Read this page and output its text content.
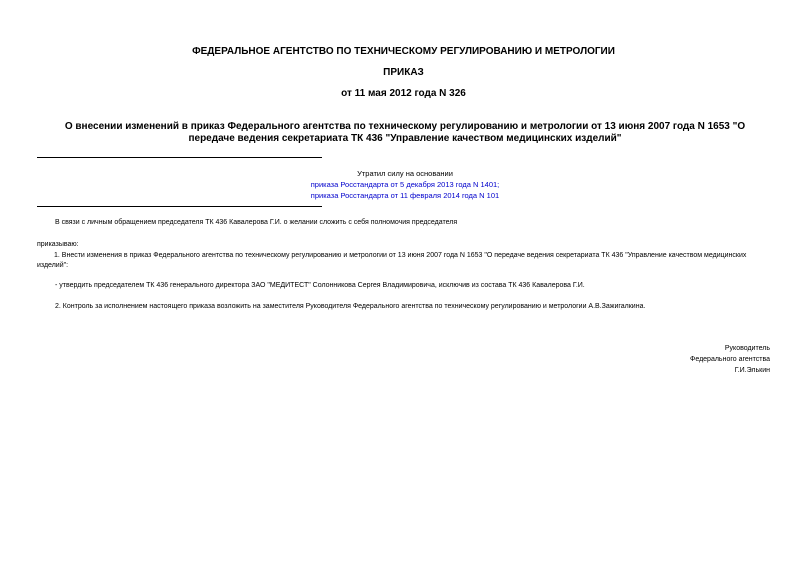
ФЕДЕРАЛЬНОЕ АГЕНТСТВО ПО ТЕХНИЧЕСКОМУ РЕГУЛИРОВАНИЮ И МЕТРОЛОГИИ
ПРИКАЗ
от 11 мая 2012 года N 326
О внесении изменений в приказ Федерального агентства по техническому регулированию и метрологии от 13 июня 2007 года N 1653 "О передаче ведения секретариата ТК 436 "Управление качеством медицинских изделий"
Утратил силу на основании
приказа Росстандарта от 5 декабря 2013 года N 1401;
приказа Росстандарта от 11 февраля 2014 года N 101
В связи с личным обращением председателя ТК 436 Кавалерова Г.И. о желании сложить с себя полномочия председателя
приказываю:
1. Внести изменения в приказ Федерального агентства по техническому регулированию и метрологии от 13 июня 2007 года N 1653 "О передаче ведения секретариата ТК 436 "Управление качеством медицинских изделий":
- утвердить председателем ТК 436 генерального директора ЗАО "МЕДИТЕСТ" Солонникова Сергея Владимировича, исключив из состава ТК 436 Кавалерова Г.И.
2. Контроль за исполнением настоящего приказа возложить на заместителя Руководителя Федерального агентства по техническому регулированию и метрологии А.В.Зажигалкина.
Руководитель
Федерального агентства
Г.И.Элькин
